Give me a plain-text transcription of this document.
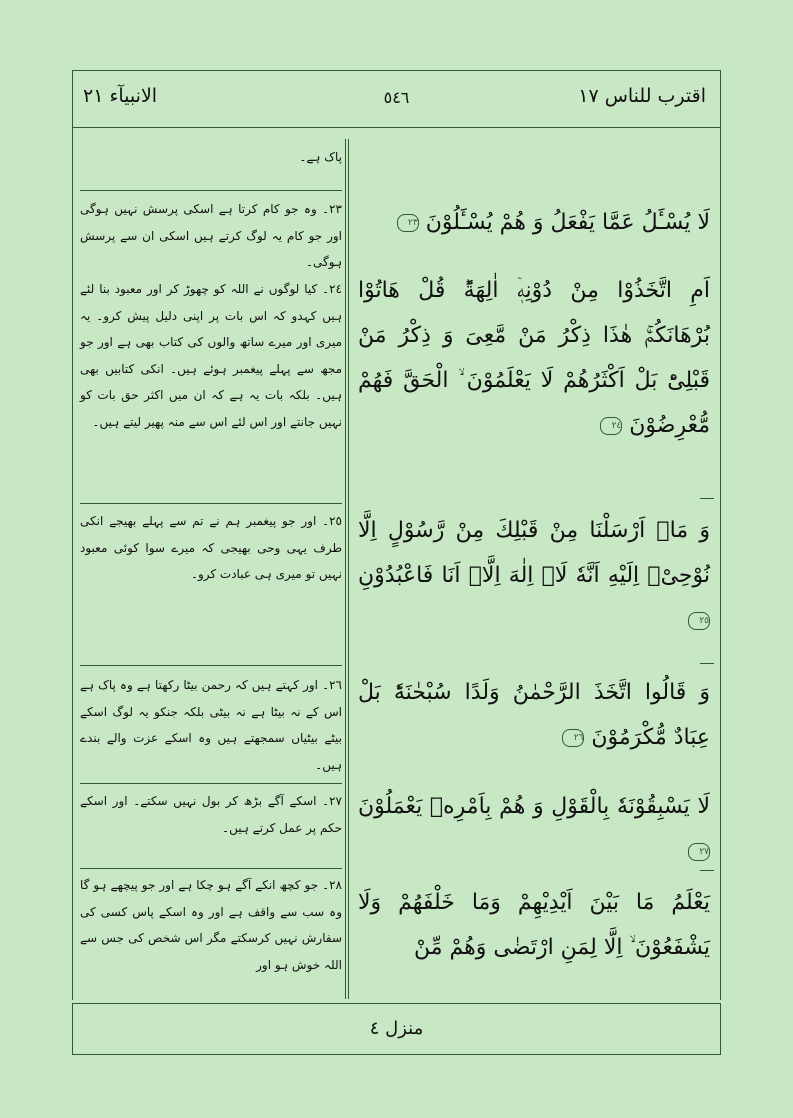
اقترب للناس ١٧
٥٤٦
الانبیآء ٢١
پاک ہے۔
٢٣۔ وہ جو کام کرتا ہے اسکی پرسش نہیں ہوگی اور جو کام یہ لوگ کرتے ہیں اسکی ان سے پرسش ہوگی۔
٢٤۔ کیا لوگوں نے اللہ کو چھوڑ کر اور معبود بنا لئے ہیں کہدو کہ اس بات پر اپنی دلیل پیش کرو۔ یہ میری اور میرے ساتھ والوں کی کتاب بھی ہے اور جو مجھ سے پہلے پیغمبر ہوئے ہیں۔ انکی کتابیں بھی ہیں۔ بلکہ بات یہ ہے کہ ان میں اکثر حق بات کو نہیں جانتے اور اس لئے اس سے منہ پھیر لیتے ہیں۔
٢٥۔ اور جو پیغمبر ہم نے تم سے پہلے بھیجے انکی طرف یہی وحی بھیجی کہ میرے سوا کوئی معبود نہیں تو میری ہی عبادت کرو۔
٢٦۔ اور کہتے ہیں کہ رحمن بیٹا رکھتا ہے وہ پاک ہے اس کے نہ بیٹا ہے نہ بیٹی بلکہ جنکو یہ لوگ اسکے بیٹے بیٹیاں سمجھتے ہیں وہ اسکے عزت والے بندے ہیں۔
٢٧۔ اسکے آگے بڑھ کر بول نہیں سکتے۔ اور اسکے حکم پر عمل کرتے ہیں۔
٢٨۔ جو کچھ انکے آگے ہو چکا ہے اور جو پیچھے ہو گا وہ سب سے واقف ہے اور وہ اسکے پاس کسی کی سفارش نہیں کرسکتے مگر اس شخص کی جس سے اللہ خوش ہو اور
لَا يُسْـَٔلُ عَمَّا يَفْعَلُ وَ هُمْ يُسْـَٔلُوْنَ ٢٣
اَمِ اتَّخَذُوْا مِنْ دُوْنِهٖۤ اٰلِهَةًؕ قُلْ هَاتُوْا بُرْهَانَكُمْۚ هٰذَا ذِكْرُ مَنْ مَّعِیَ وَ ذِكْرُ مَنْ قَبْلِیْؕ بَلْ اَكْثَرُهُمْ لَا یَعْلَمُوْنَ ۙ الْحَقَّ فَهُمْ مُّعْرِضُوْنَ ٢٤
وَ مَاۤ اَرْسَلْنَا مِنْ قَبْلِكَ مِنْ رَّسُوْلٍ اِلَّا نُوْحِیْۤ اِلَیْهِ اَنَّهٗ لَاۤ اِلٰهَ اِلَّاۤ اَنَا فَاعْبُدُوْنِ ٢٥
وَ قَالُوا اتَّخَذَ الرَّحْمٰنُ وَلَدًا سُبْحٰنَهٗؕ بَلْ عِبَادٌ مُّكْرَمُوْنَ ٢٦
لَا یَسْبِقُوْنَهٗ بِالْقَوْلِ وَ هُمْ بِاَمْرِهٖ یَعْمَلُوْنَ ٢٧
یَعْلَمُ مَا بَیْنَ اَیْدِیْهِمْ وَمَا خَلْفَهُمْ وَلَا یَشْفَعُوْنَ ۙ اِلَّا لِمَنِ ارْتَضٰی وَهُمْ مِّنْ
منزل ٤
